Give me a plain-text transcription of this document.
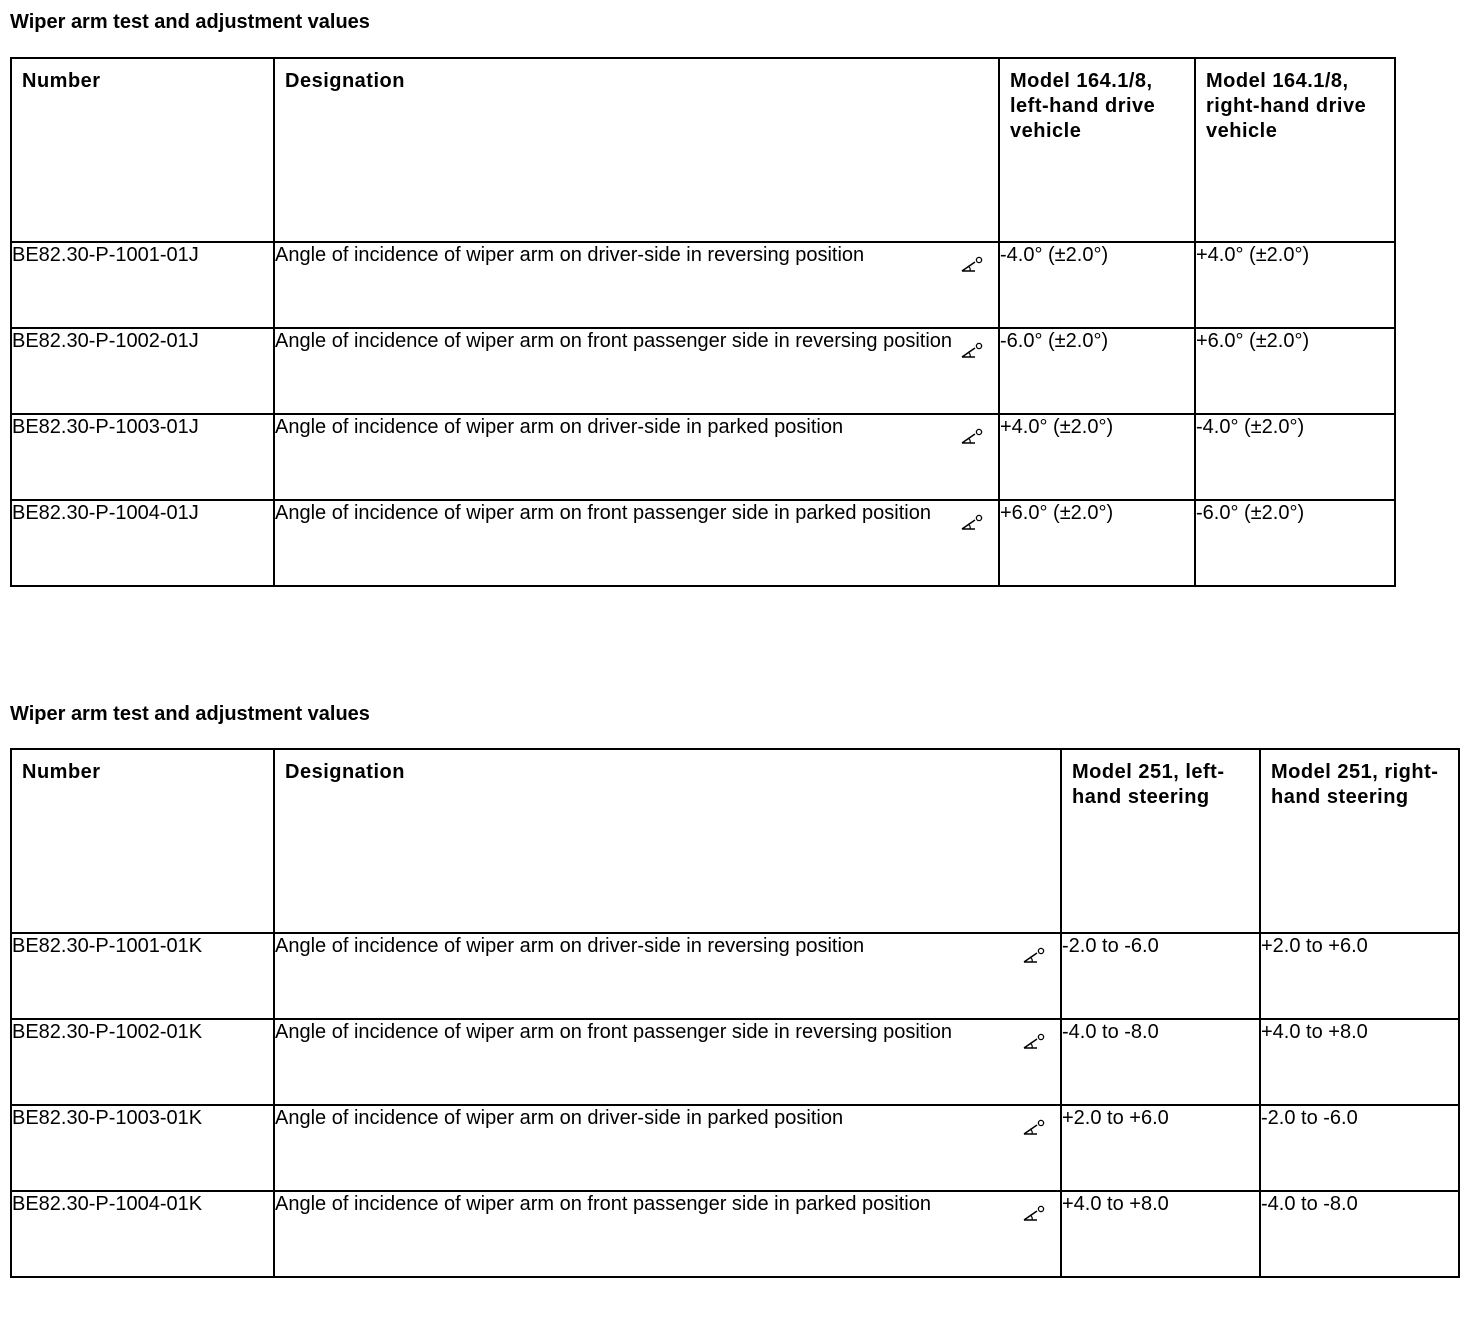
Wiper arm test and adjustment values
Number	Designation	Model 164.1/8, left-hand drive vehicle	Model 164.1/8, right-hand drive vehicle
BE82.30-P-1001-01J	Angle of incidence of wiper arm on driver-side in reversing position	-4.0° (±2.0°)	+4.0° (±2.0°)
BE82.30-P-1002-01J	Angle of incidence of wiper arm on front passenger side in reversing position	-6.0° (±2.0°)	+6.0° (±2.0°)
BE82.30-P-1003-01J	Angle of incidence of wiper arm on driver-side in parked position	+4.0° (±2.0°)	-4.0° (±2.0°)
BE82.30-P-1004-01J	Angle of incidence of wiper arm on front passenger side in parked position	+6.0° (±2.0°)	-6.0° (±2.0°)
Wiper arm test and adjustment values
Number	Designation	Model 251, left-hand steering	Model 251, right-hand steering
BE82.30-P-1001-01K	Angle of incidence of wiper arm on driver-side in reversing position	-2.0 to -6.0	+2.0 to +6.0
BE82.30-P-1002-01K	Angle of incidence of wiper arm on front passenger side in reversing position	-4.0 to -8.0	+4.0 to +8.0
BE82.30-P-1003-01K	Angle of incidence of wiper arm on driver-side in parked position	+2.0 to +6.0	-2.0 to -6.0
BE82.30-P-1004-01K	Angle of incidence of wiper arm on front passenger side in parked position	+4.0 to +8.0	-4.0 to -8.0
